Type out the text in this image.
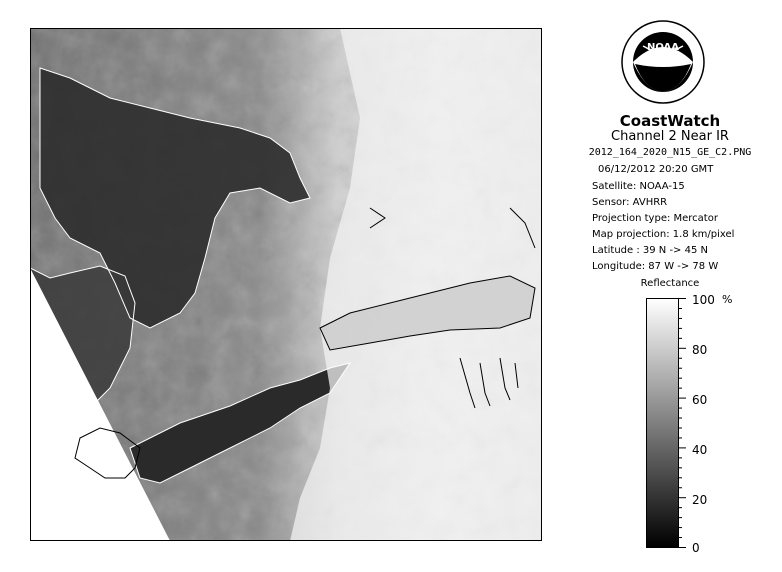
NOAA
CoastWatch
Channel 2 Near IR
2012_164_2020_N15_GE_C2.PNG
06/12/2012 20:20 GMT
Satellite: NOAA-15
Sensor: AVHRR
Projection type: Mercator
Map projection: 1.8 km/pixel
Latitude : 39 N -> 45 N
Longitude: 87 W -> 78 W
Reflectance
100 %
80
60
40
20
0
